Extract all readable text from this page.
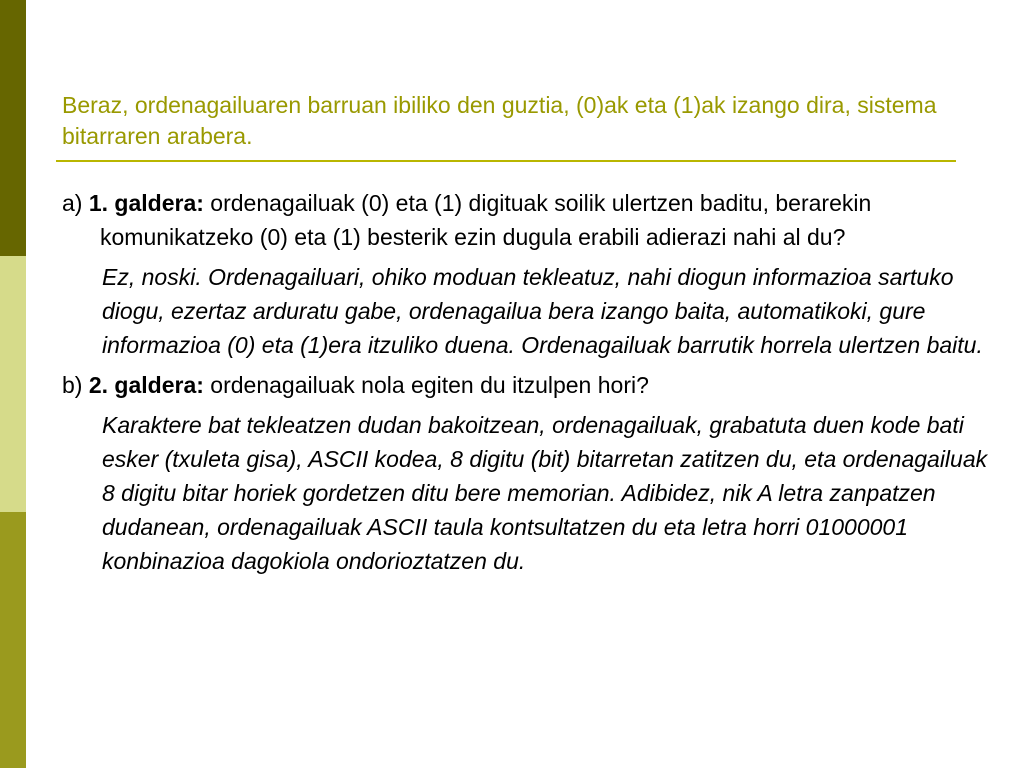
Beraz, ordenagailuaren barruan ibiliko den guztia, (0)ak eta (1)ak izango dira, sistema bitarraren arabera.

a) 1. galdera: ordenagailuak (0) eta (1) digituak soilik ulertzen baditu, berarekin komunikatzeko (0) eta (1) besterik ezin dugula erabili adierazi nahi al du?

Ez, noski. Ordenagailuari, ohiko moduan tekleatuz, nahi diogun informazioa sartuko diogu, ezertaz arduratu gabe, ordenagailua bera izango baita, automatikoki, gure informazioa (0) eta (1)era itzuliko duena. Ordenagailuak barrutik horrela ulertzen baitu.

b) 2. galdera: ordenagailuak nola egiten du itzulpen hori?

Karaktere bat tekleatzen dudan bakoitzean, ordenagailuak, grabatuta duen kode bati esker (txuleta gisa), ASCII kodea, 8 digitu (bit) bitarretan zatitzen du, eta ordenagailuak 8 digitu bitar horiek gordetzen ditu bere memorian. Adibidez, nik A letra zanpatzen dudanean, ordenagailuak ASCII taula kontsultatzen du eta letra horri 01000001 konbinazioa dagokiola ondorioztatzen du.
